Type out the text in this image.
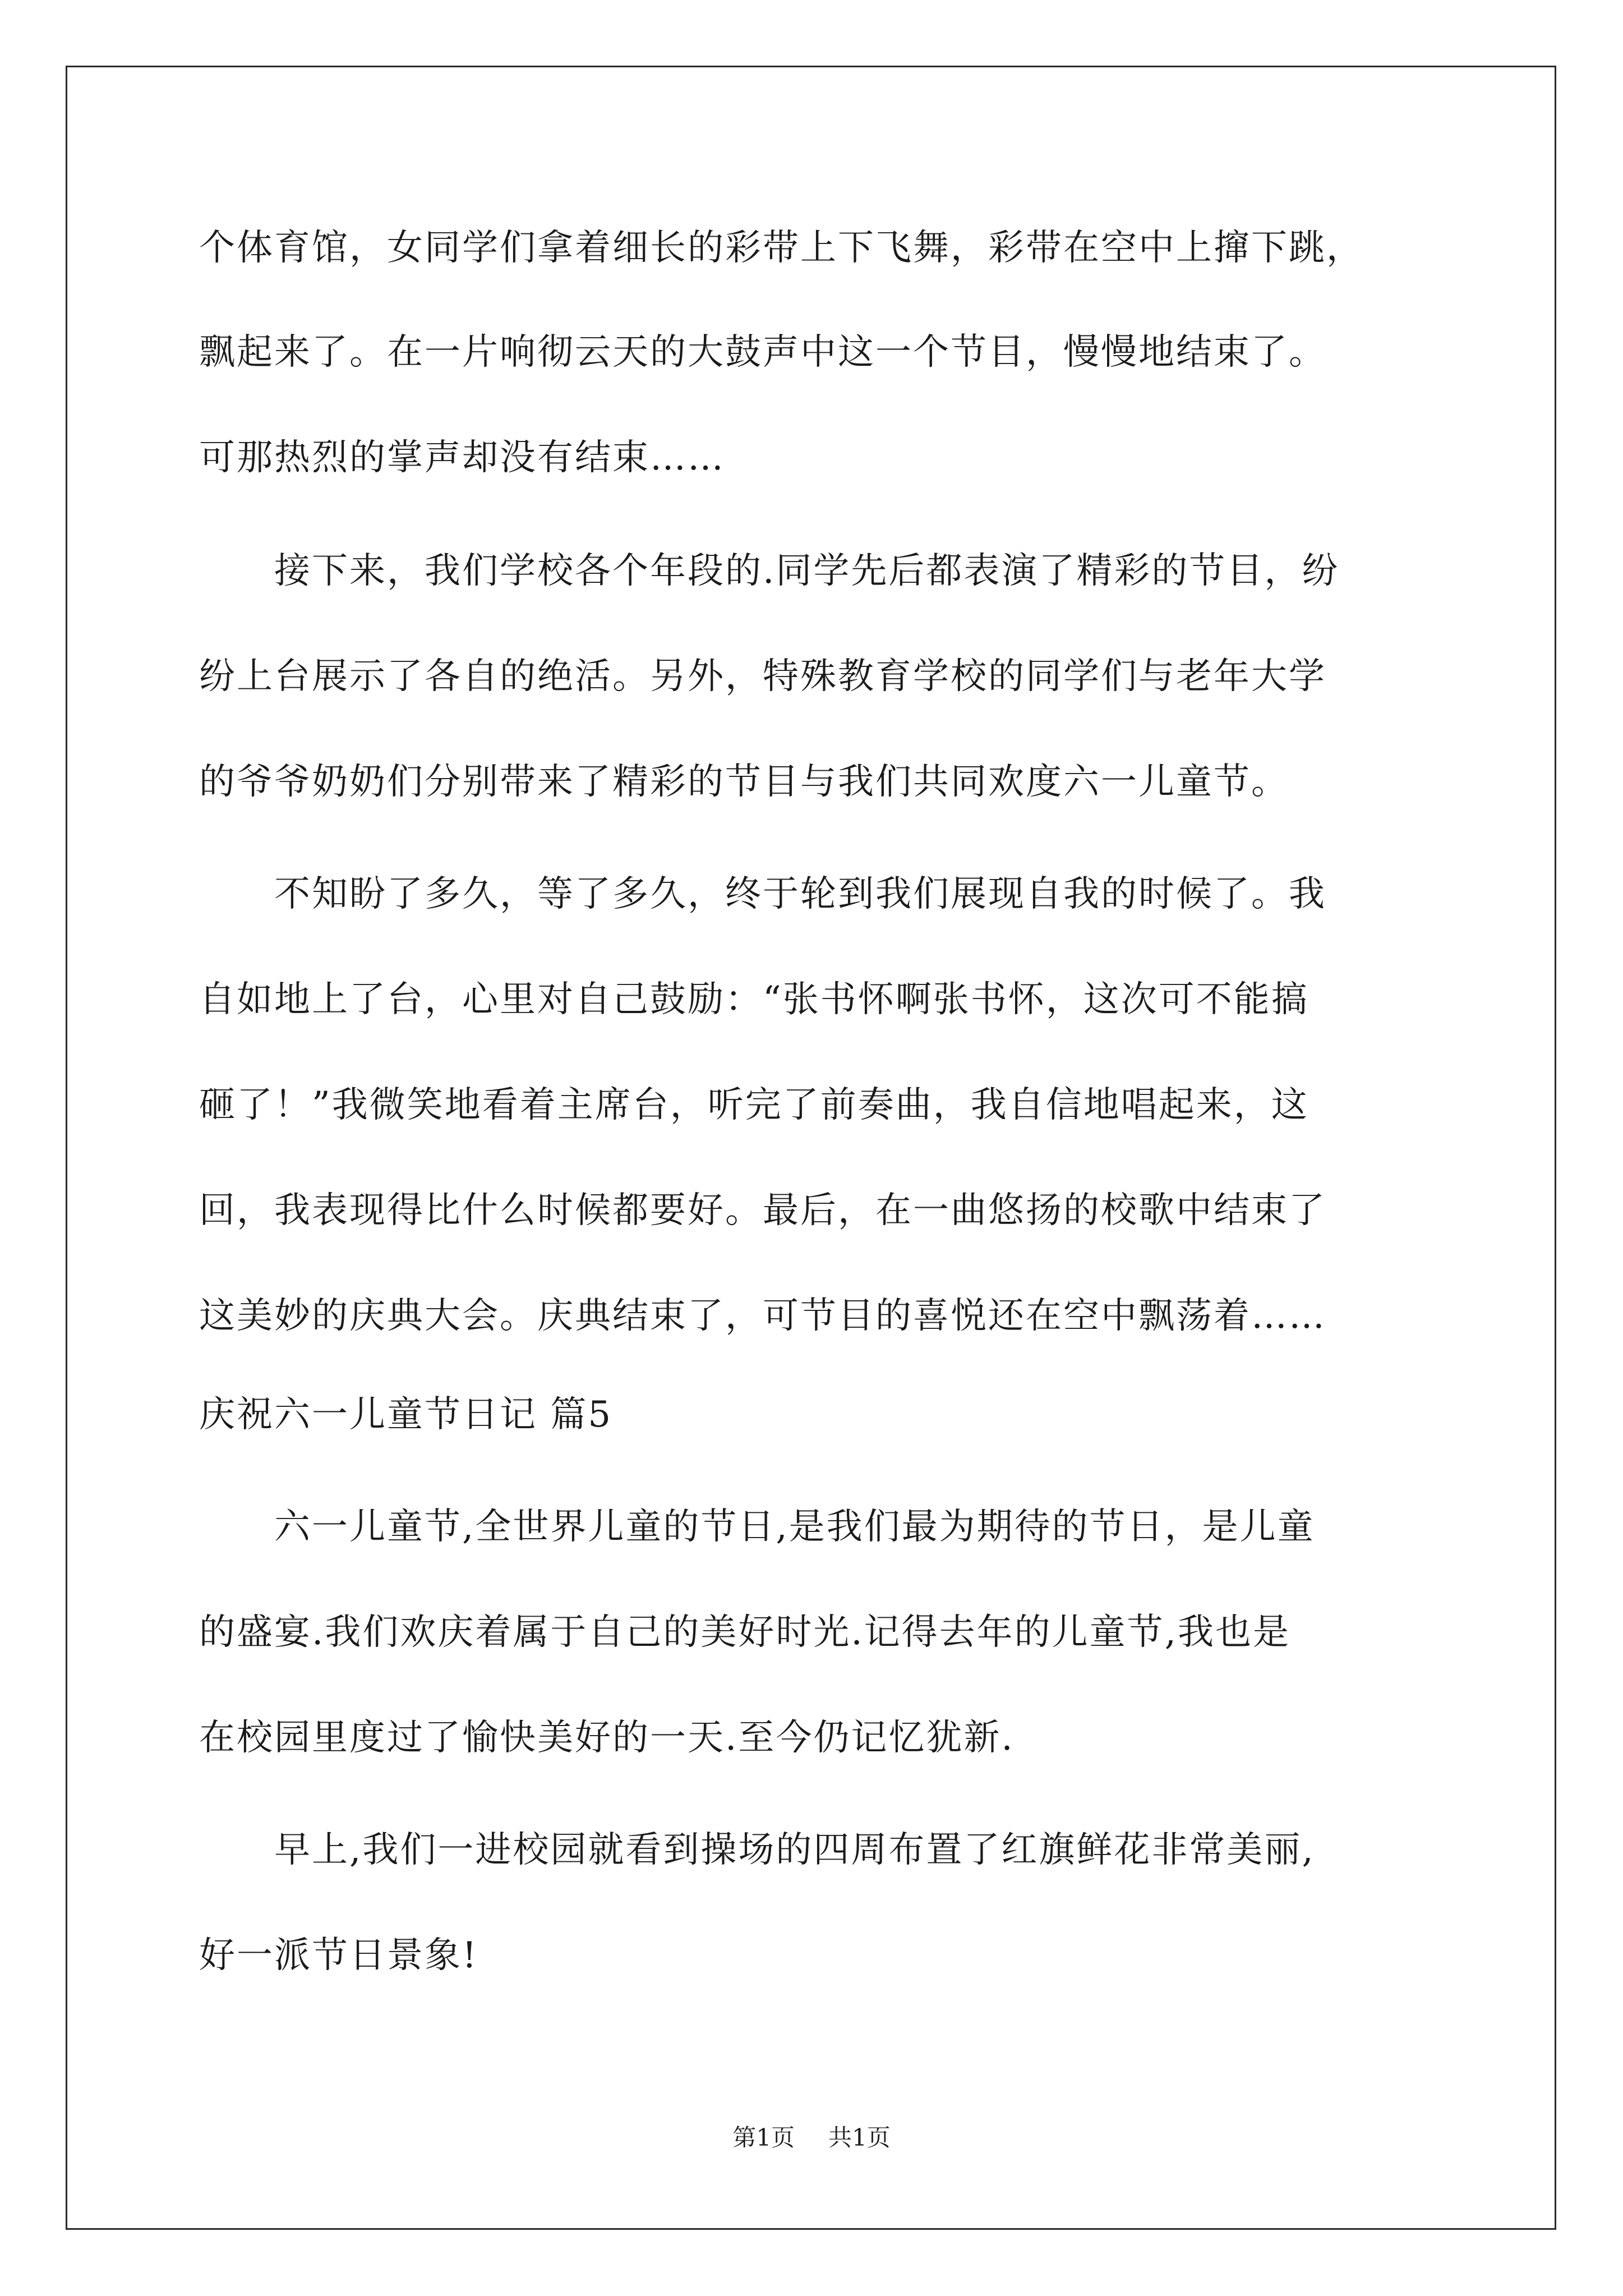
个体育馆，女同学们拿着细长的彩带上下飞舞，彩带在空中上撺下跳，
飘起来了。在一片响彻云天的大鼓声中这一个节目，慢慢地结束了。
可那热烈的掌声却没有结束……
　　接下来，我们学校各个年段的.同学先后都表演了精彩的节目，纷
纷上台展示了各自的绝活。另外，特殊教育学校的同学们与老年大学
的爷爷奶奶们分别带来了精彩的节目与我们共同欢度六一儿童节。
　　不知盼了多久，等了多久，终于轮到我们展现自我的时候了。我
自如地上了台，心里对自己鼓励：“张书怀啊张书怀，这次可不能搞
砸了！”我微笑地看着主席台，听完了前奏曲，我自信地唱起来，这
回，我表现得比什么时候都要好。最后，在一曲悠扬的校歌中结束了
这美妙的庆典大会。庆典结束了，可节目的喜悦还在空中飘荡着……
庆祝六一儿童节日记 篇5
　　六一儿童节,全世界儿童的节日,是我们最为期待的节日，是儿童
的盛宴.我们欢庆着属于自己的美好时光.记得去年的儿童节,我也是
在校园里度过了愉快美好的一天.至今仍记忆犹新.
　　早上,我们一进校园就看到操场的四周布置了红旗鲜花非常美丽,
好一派节日景象!
第1页 共1页
